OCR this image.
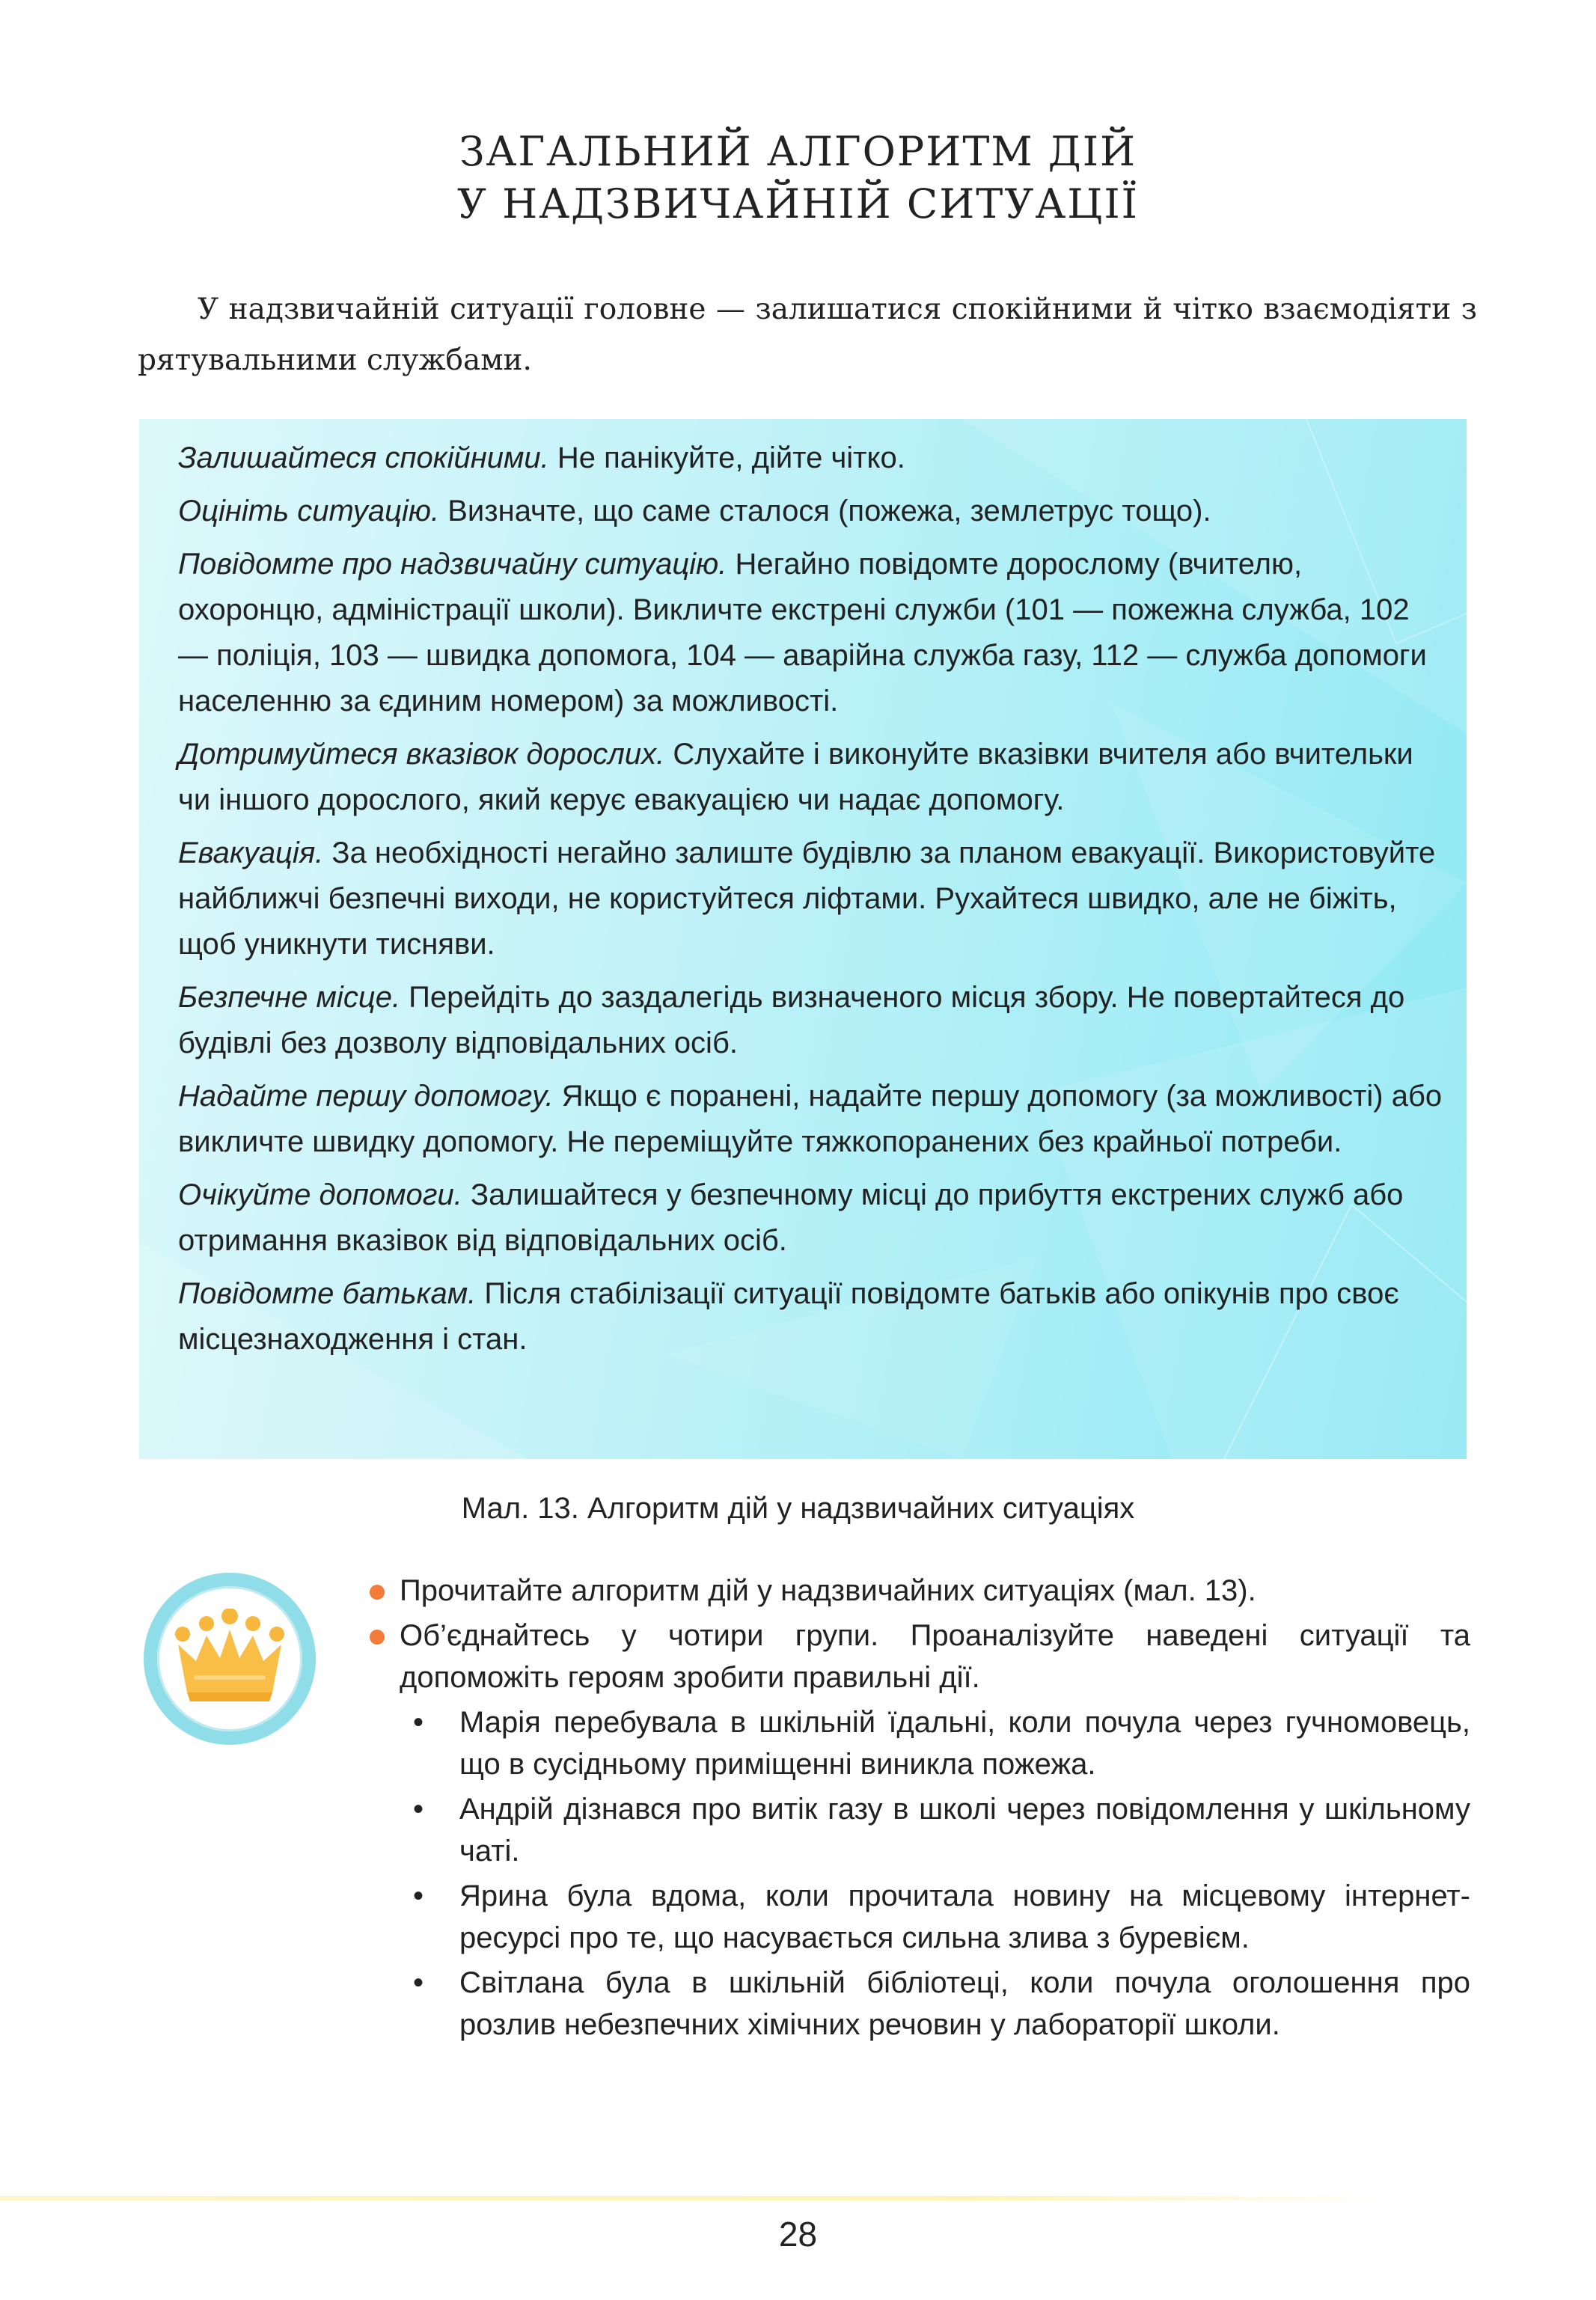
ЗАГАЛЬНИЙ АЛГОРИТМ ДІЙ
У НАДЗВИЧАЙНІЙ СИТУАЦІЇ

У надзвичайній ситуації головне — залишатися спокійними й чітко взаємодіяти з рятувальними службами.

Залишайтеся спокійними. Не панікуйте, дійте чітко.

Оцініть ситуацію. Визначте, що саме сталося (пожежа, землетрус тощо).

Повідомте про надзвичайну ситуацію. Негайно повідомте дорослому (вчителю, охоронцю, адміністрації школи). Викличте екстрені служби (101 — пожежна служба, 102 — поліція, 103 — швидка допомога, 104 — аварійна служба газу, 112 — служба допомоги населенню за єдиним номером) за можливості.

Дотримуйтеся вказівок дорослих. Слухайте і виконуйте вказівки вчителя або вчительки чи іншого дорослого, який керує евакуацією чи надає допомогу.

Евакуація. За необхідності негайно залиште будівлю за планом евакуації. Використовуйте найближчі безпечні виходи, не користуйтеся ліфтами. Рухайтеся швидко, але не біжіть, щоб уникнути тисняви.

Безпечне місце. Перейдіть до заздалегідь визначеного місця збору. Не повертайтеся до будівлі без дозволу відповідальних осіб.

Надайте першу допомогу. Якщо є поранені, надайте першу допомогу (за можливості) або викличте швидку допомогу. Не переміщуйте тяжкопоранених без крайньої потреби.

Очікуйте допомоги. Залишайтеся у безпечному місці до прибуття екстрених служб або отримання вказівок від відповідальних осіб.

Повідомте батькам. Після стабілізації ситуації повідомте батьків або опікунів про своє місцезнаходження і стан.

Мал. 13. Алгоритм дій у надзвичайних ситуаціях
Прочитайте алгоритм дій у надзвичайних ситуаціях (мал. 13).
Об’єднайтесь у чотири групи. Проаналізуйте наведені ситуації та допоможіть героям зробити правильні дії.
• Марія перебувала в шкільній їдальні, коли почула через гучномовець, що в сусідньому приміщенні виникла пожежа.
• Андрій дізнався про витік газу в школі через повідомлення у шкільному чаті.
• Ярина була вдома, коли прочитала новину на місцевому інтернет-ресурсі про те, що насувається сильна злива з буревієм.
• Світлана була в шкільній бібліотеці, коли почула оголошення про розлив небезпечних хімічних речовин у лабораторії школи.
28
